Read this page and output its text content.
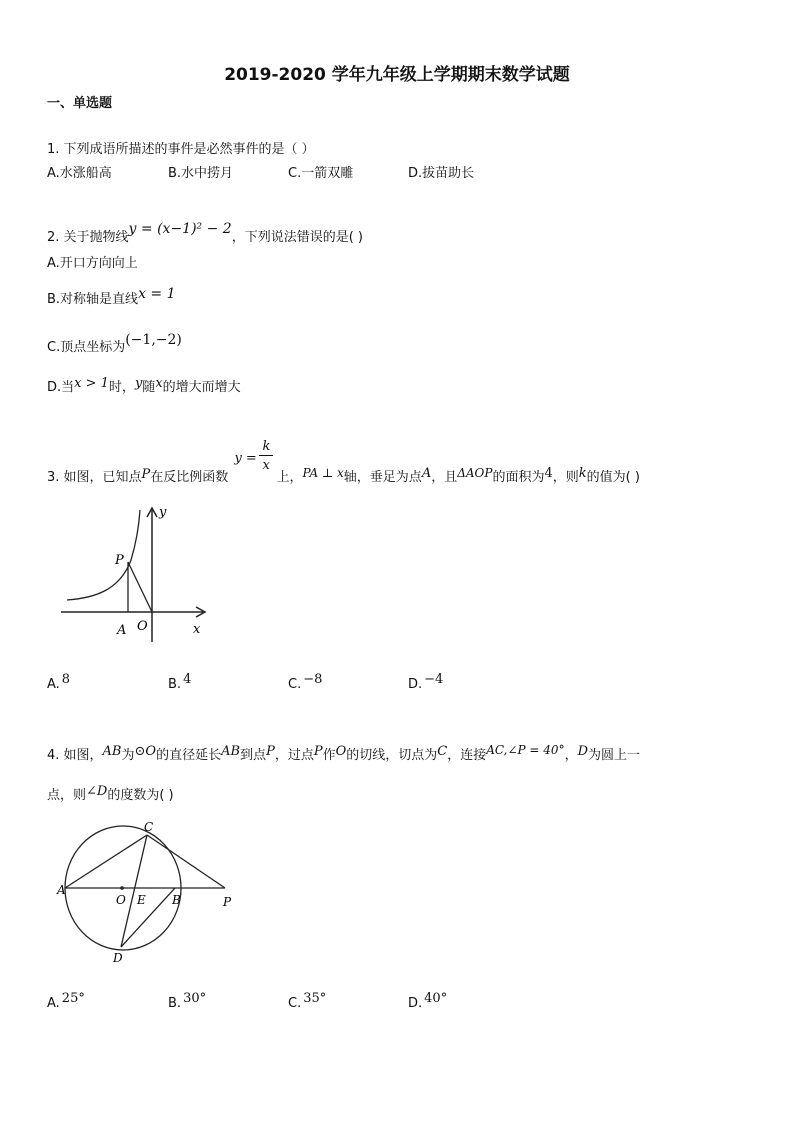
2019-2020 学年九年级上学期期末数学试题
一、单选题
1. 下列成语所描述的事件是必然事件的是（ ）
A.水涨船高	B.水中捞月	C.一箭双雕	D.拔苗助长
2. 关于抛物线y = (x−1)² − 2，下列说法错误的是( )
A.开口方向向上
B.对称轴是直线x = 1
C.顶点坐标为(−1,−2)
D.当x > 1时，y随x的增大而增大
3. 如图，已知点P在反比例函数
y =
k
x
上，PA ⊥ x轴，垂足为点A，且ΔAOP的面积为4，则k的值为( )
P
A O	x
y
A. 8	B. 4	C. −8	D. −4
4. 如图，AB为⊙O的直径延长AB到点P，过点P作O的切线，切点为C，连接AC,∠P = 40°，D为圆上一
点，则∠D的度数为( )
A
O E B	P
C
D
A. 25°	B. 30°	C. 35°	D. 40°
